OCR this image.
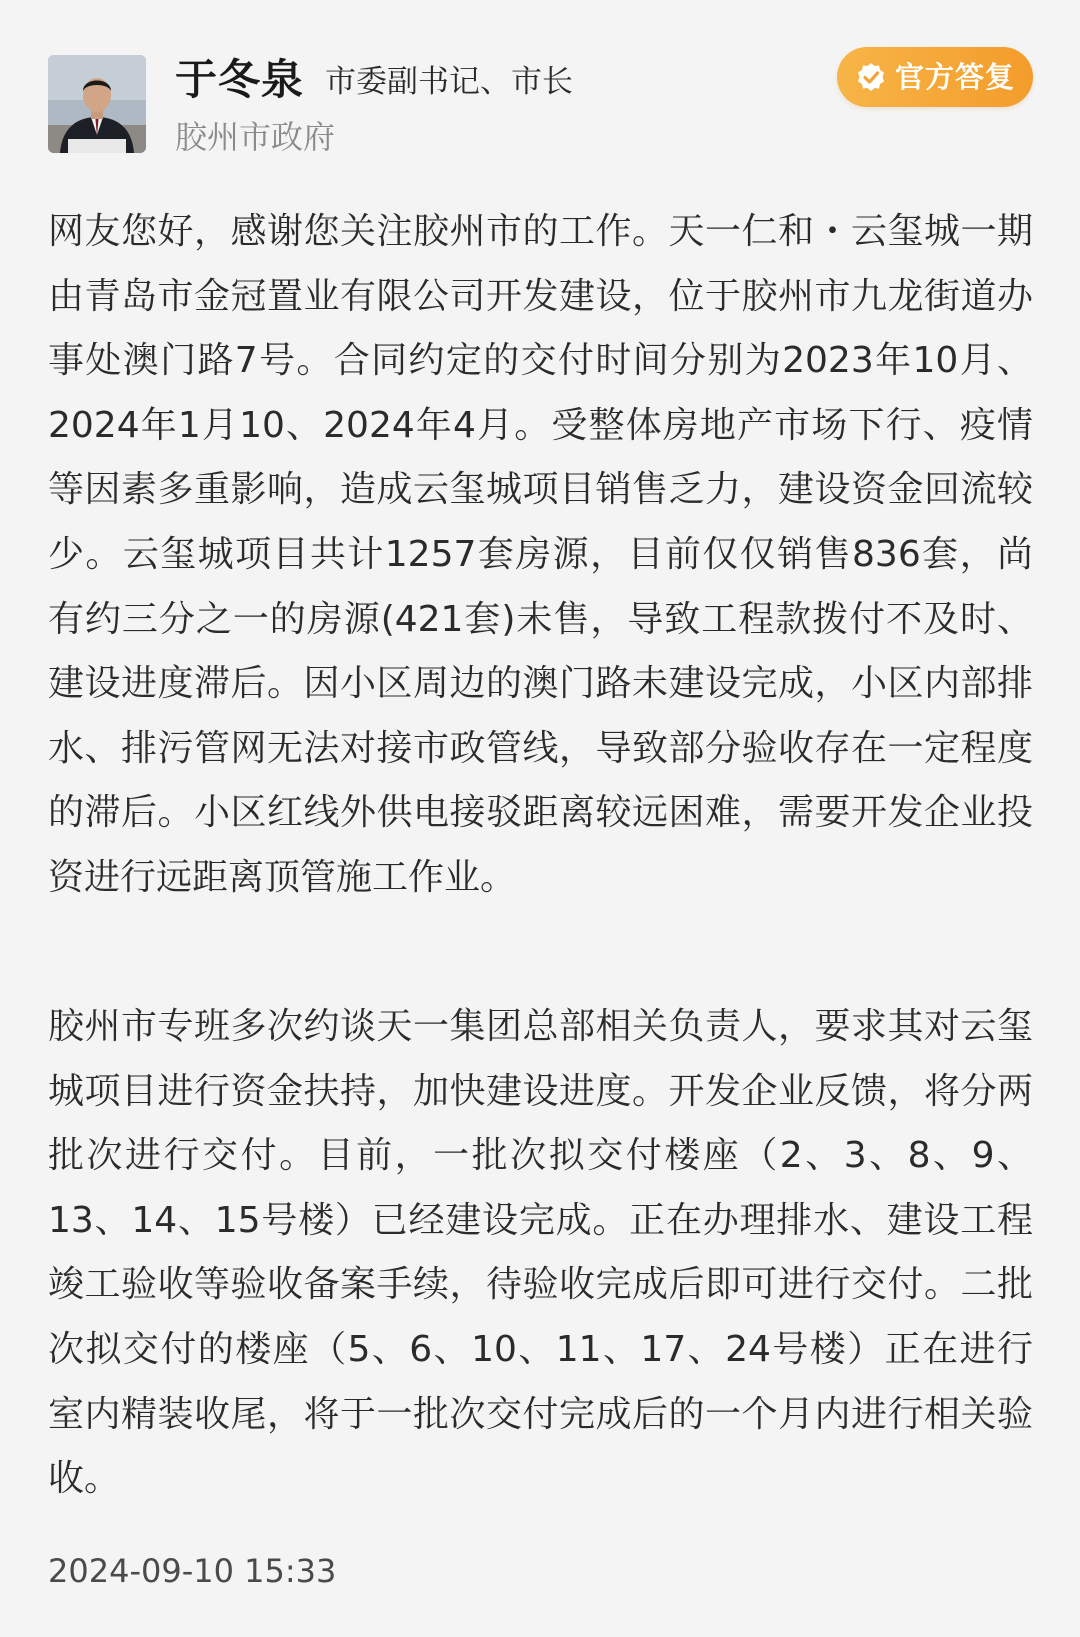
于冬泉 市委副书记、市长
胶州市政府
官方答复

网友您好，感谢您关注胶州市的工作。天一仁和・云玺城一期由青岛市金冠置业有限公司开发建设，位于胶州市九龙街道办事处澳门路7号。合同约定的交付时间分别为2023年10月、2024年1月10、2024年4月。受整体房地产市场下行、疫情等因素多重影响，造成云玺城项目销售乏力，建设资金回流较少。云玺城项目共计1257套房源，目前仅仅销售836套，尚有约三分之一的房源(421套)未售，导致工程款拨付不及时、建设进度滞后。因小区周边的澳门路未建设完成，小区内部排水、排污管网无法对接市政管线，导致部分验收存在一定程度的滞后。小区红线外供电接驳距离较远困难，需要开发企业投资进行远距离顶管施工作业。

胶州市专班多次约谈天一集团总部相关负责人，要求其对云玺城项目进行资金扶持，加快建设进度。开发企业反馈，将分两批次进行交付。目前，一批次拟交付楼座（2、3、8、9、13、14、15号楼）已经建设完成。正在办理排水、建设工程竣工验收等验收备案手续，待验收完成后即可进行交付。二批次拟交付的楼座（5、6、10、11、17、24号楼）正在进行室内精装收尾，将于一批次交付完成后的一个月内进行相关验收。

2024-09-10 15:33
